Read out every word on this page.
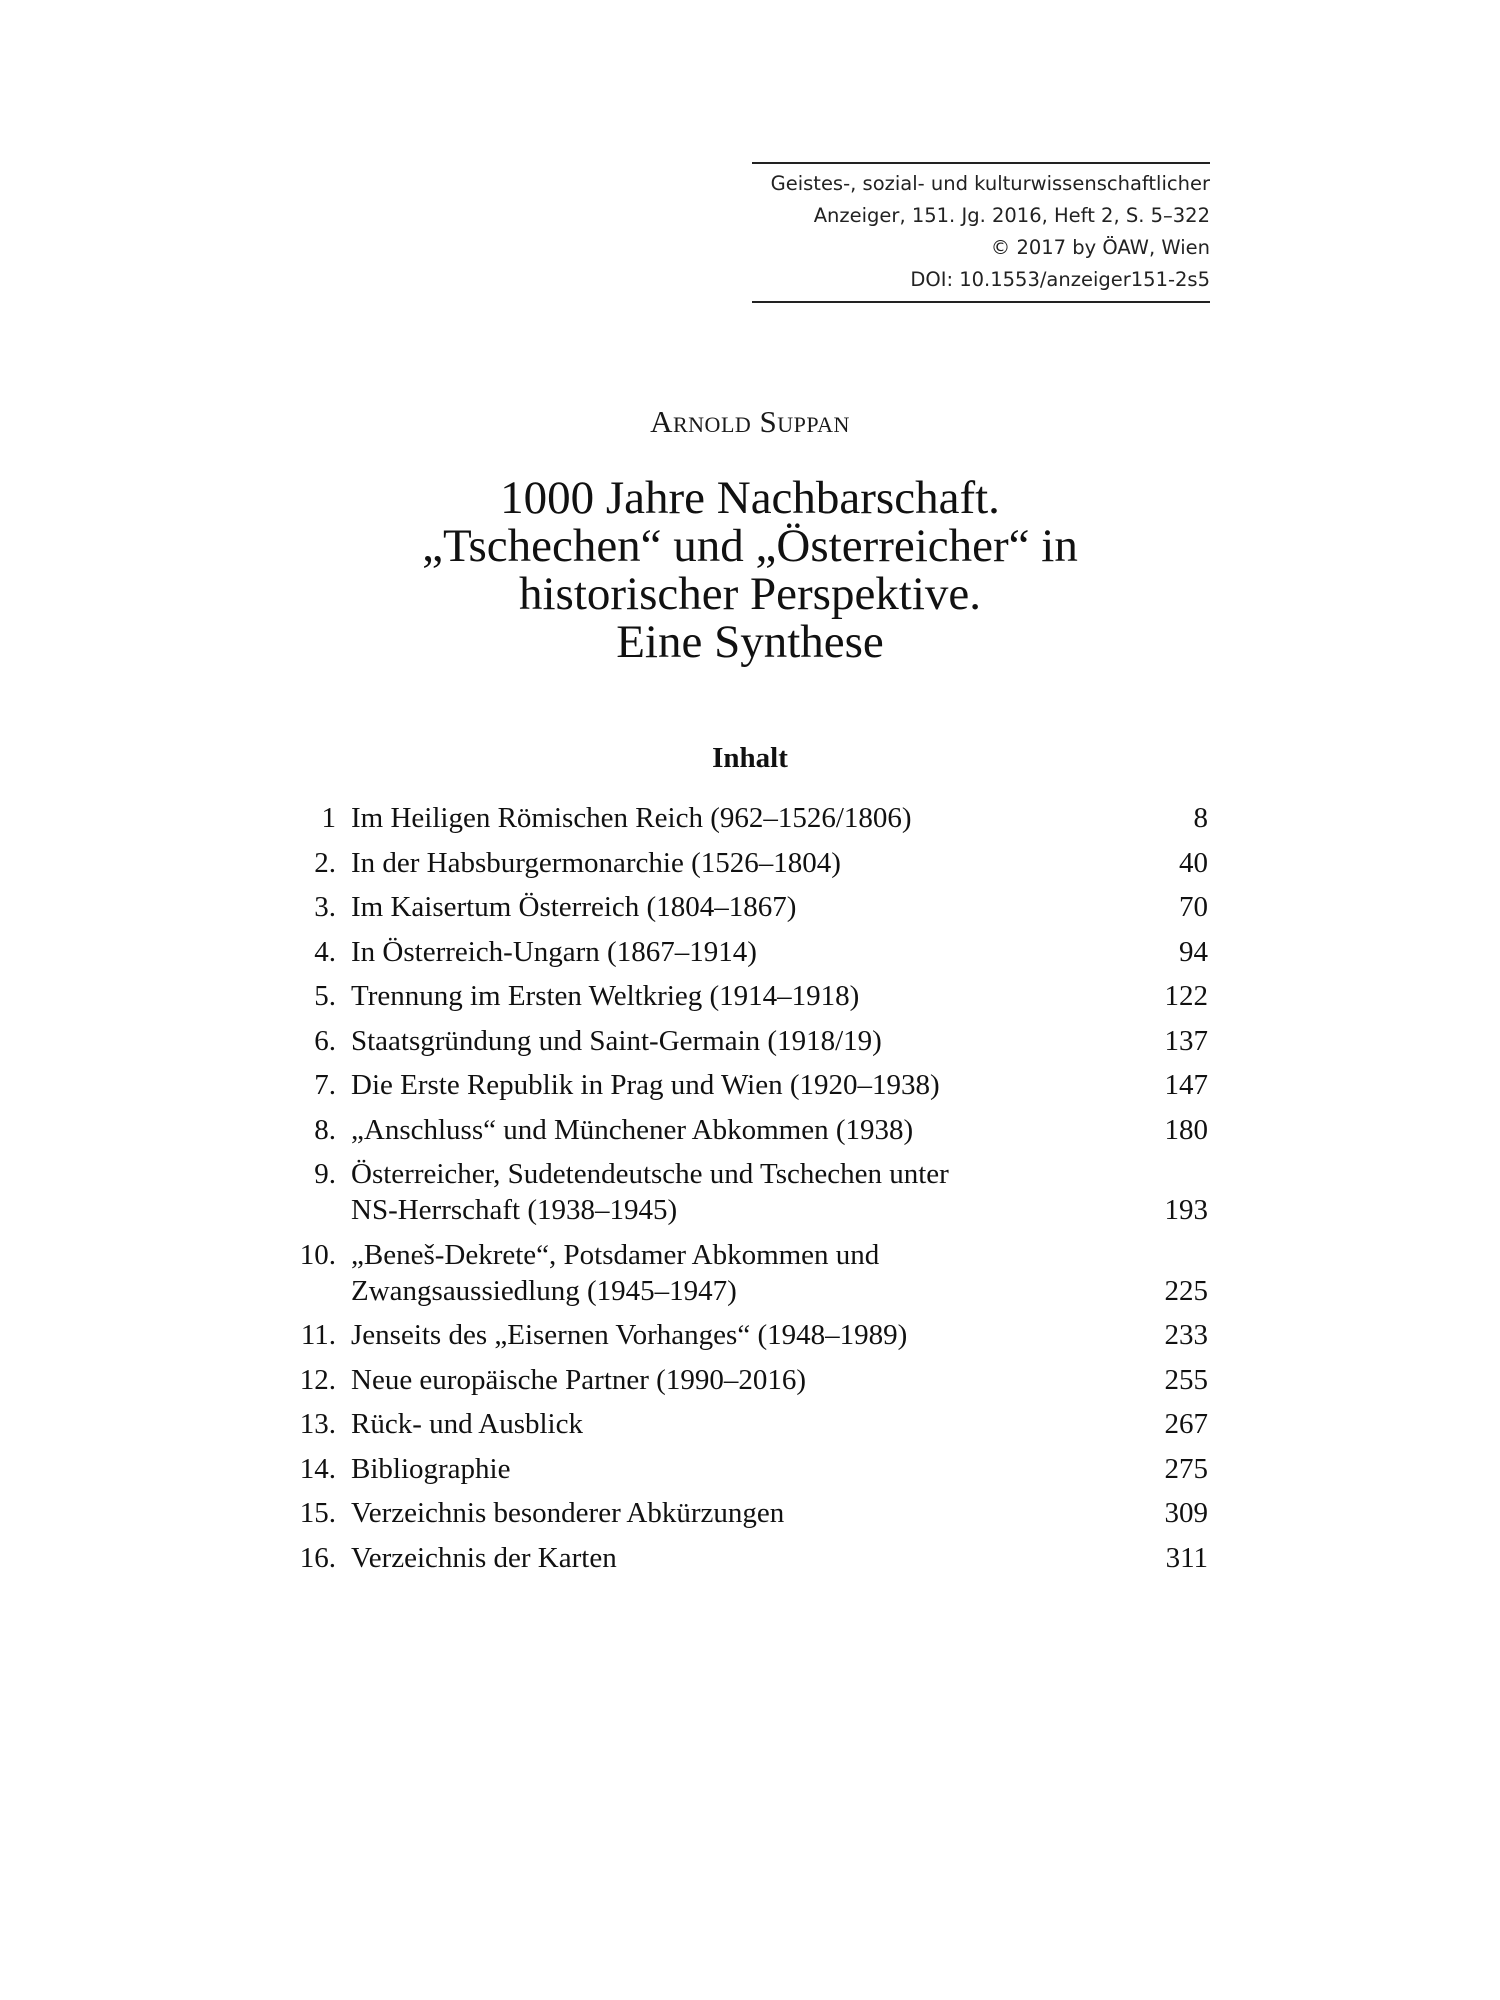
Geistes-, sozial- und kulturwissenschaftlicher
Anzeiger, 151. Jg. 2016, Heft 2, S. 5–322
© 2017 by ÖAW, Wien
DOI: 10.1553/anzeiger151-2s5
Arnold Suppan
1000 Jahre Nachbarschaft.
„Tschechen“ und „Österreicher“ in
historischer Perspektive.
Eine Synthese
Inhalt
1 Im Heiligen Römischen Reich (962–1526/1806)	8
2. In der Habsburgermonarchie (1526–1804)	40
3. Im Kaisertum Österreich (1804–1867)	70
4. In Österreich-Ungarn (1867–1914)	94
5. Trennung im Ersten Weltkrieg (1914–1918)	122
6. Staatsgründung und Saint-Germain (1918/19)	137
7. Die Erste Republik in Prag und Wien (1920–1938)	147
8. „Anschluss“ und Münchener Abkommen (1938)	180
9. Österreicher, Sudetendeutsche und Tschechen unter
NS-Herrschaft (1938–1945)	193
10. „Beneš-Dekrete“, Potsdamer Abkommen und
Zwangsaussiedlung (1945–1947)	225
11. Jenseits des „Eisernen Vorhanges“ (1948–1989)	233
12. Neue europäische Partner (1990–2016)	255
13. Rück- und Ausblick	267
14. Bibliographie	275
15. Verzeichnis besonderer Abkürzungen	309
16. Verzeichnis der Karten	311
